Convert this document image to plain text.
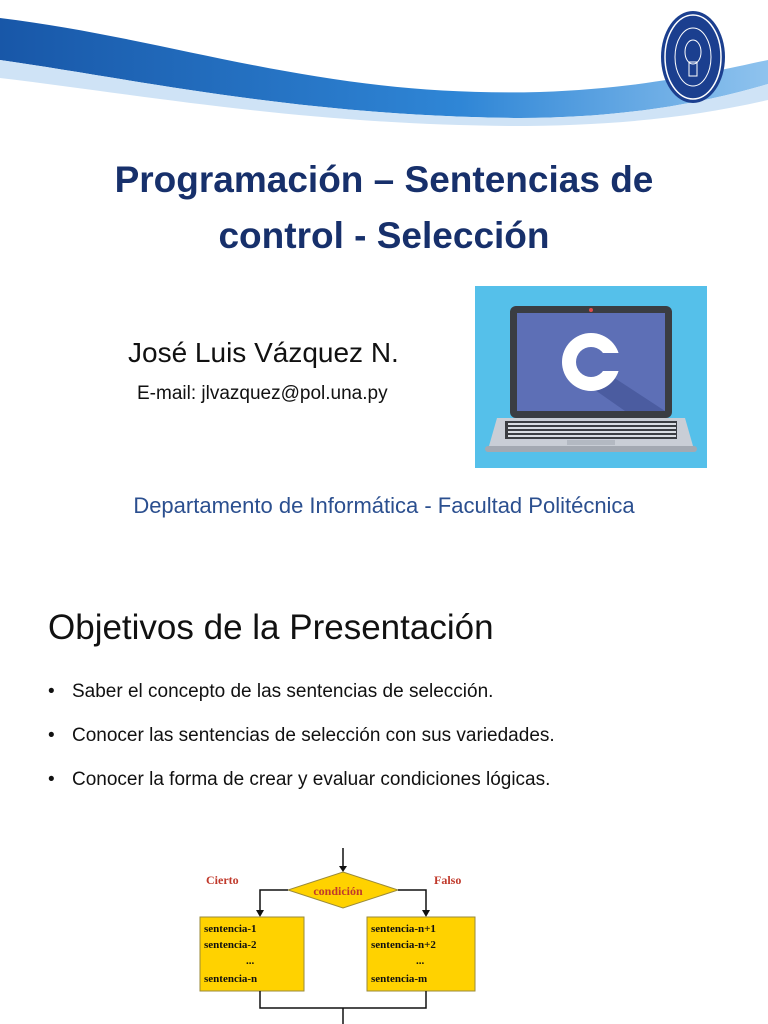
Programación – Sentencias de
control - Selección
José Luis Vázquez N.
E-mail: jlvazquez@pol.una.py
Departamento de Informática - Facultad Politécnica
Objetivos de la Presentación
• Saber el concepto de las sentencias de selección.
• Conocer las sentencias de selección con sus variedades.
• Conocer la forma de crear y evaluar condiciones lógicas.
condición
Cierto	Falso
sentencia-1
sentencia-2
...
sentencia-n
sentencia-n+1
sentencia-n+2
...
sentencia-m
